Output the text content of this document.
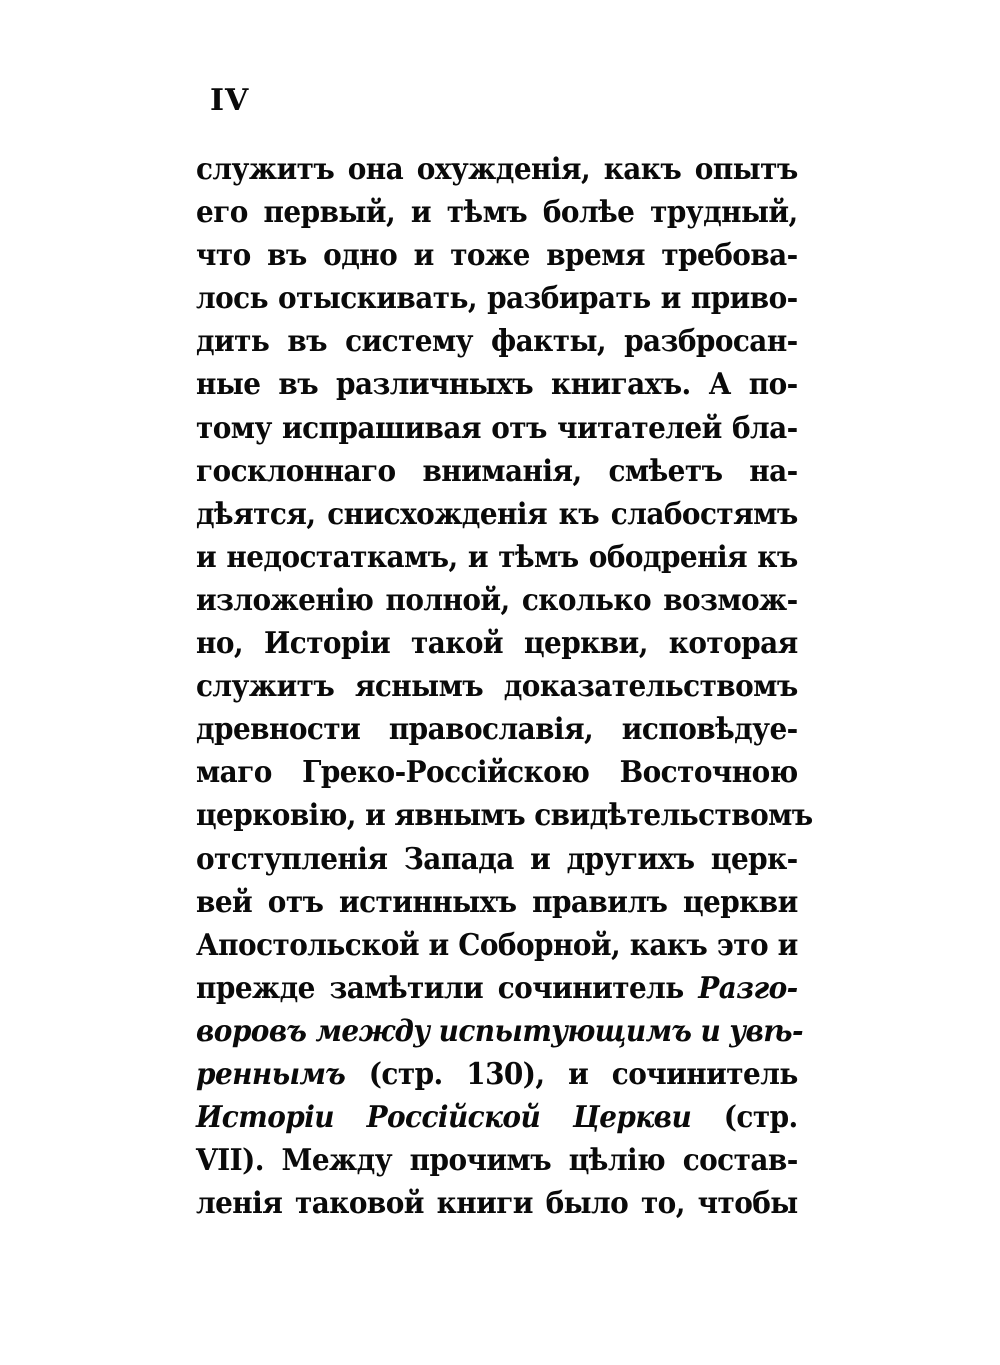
IV
служитъ она охужденія, какъ опытъ
его первый, и тѣмъ болѣе трудный,
что въ одно и тоже время требова-
лось отыскивать, разбирать и приво-
дить въ систему факты, разбросан-
ные въ различныхъ книгахъ. А по-
тому испрашивая отъ читателей бла-
госклоннаго вниманія, смѣетъ на-
дѣятся, снисхожденія къ слабостямъ
и недостаткамъ, и тѣмъ ободренія къ
изложенію полной, сколько возмож-
но, Исторіи такой церкви, которая
служитъ яснымъ доказательствомъ
древности православія, исповѣдуе-
маго Греко-Россійскою Восточною
церковію, и явнымъ свидѣтельствомъ
отступленія Запада и другихъ церк-
вей отъ истинныхъ правилъ церкви
Апостольской и Соборной, какъ это и
прежде замѣтили сочинитель Разго-
воровъ между испытующимъ и увѣ-
реннымъ (стр. 130), и сочинитель
Исторіи Россійской Церкви (стр.
VII). Между прочимъ цѣлію состав-
ленія таковой книги было то, чтобы
